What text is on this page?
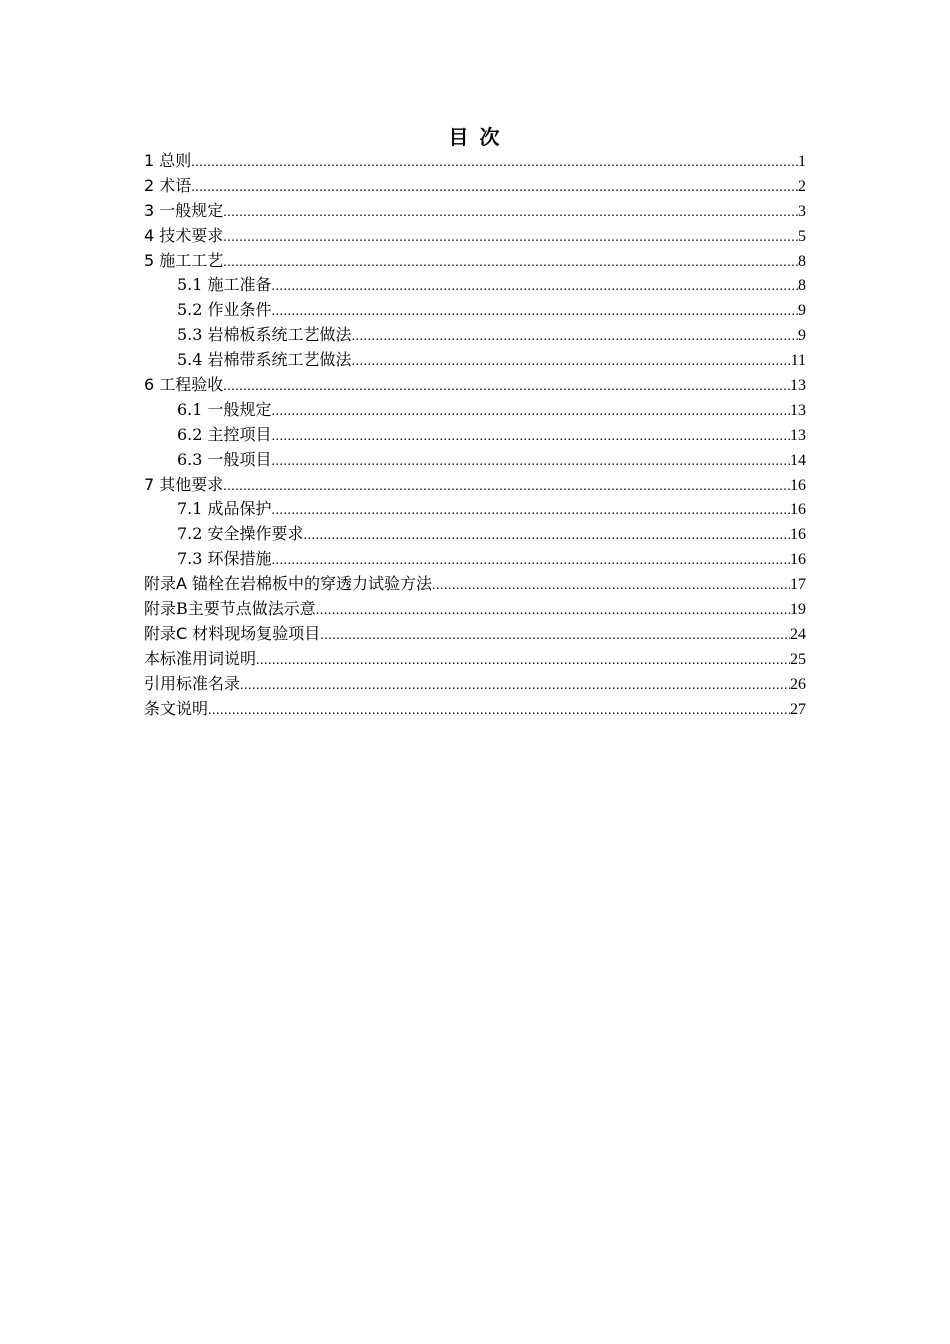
目 次
1 总则 .....	1
2 术语 .....	2
3 一般规定 .....	3
4 技术要求 .....	5
5 施工工艺 .....	8
5.1 施工准备 .....	8
5.2 作业条件 .....	9
5.3 岩棉板系统工艺做法 .....	9
5.4 岩棉带系统工艺做法 .....	11
6 工程验收 .....	13
6.1 一般规定 .....	13
6.2 主控项目 .....	13
6.3 一般项目 .....	14
7 其他要求 .....	16
7.1 成品保护 .....	16
7.2 安全操作要求 .....	16
7.3 环保措施 .....	16
附录A 锚栓在岩棉板中的穿透力试验方法 .....	17
附录B主要节点做法示意 .....	19
附录C 材料现场复验项目 .....	24
本标准用词说明 .....	25
引用标准名录 .....	26
条文说明 .....	27
